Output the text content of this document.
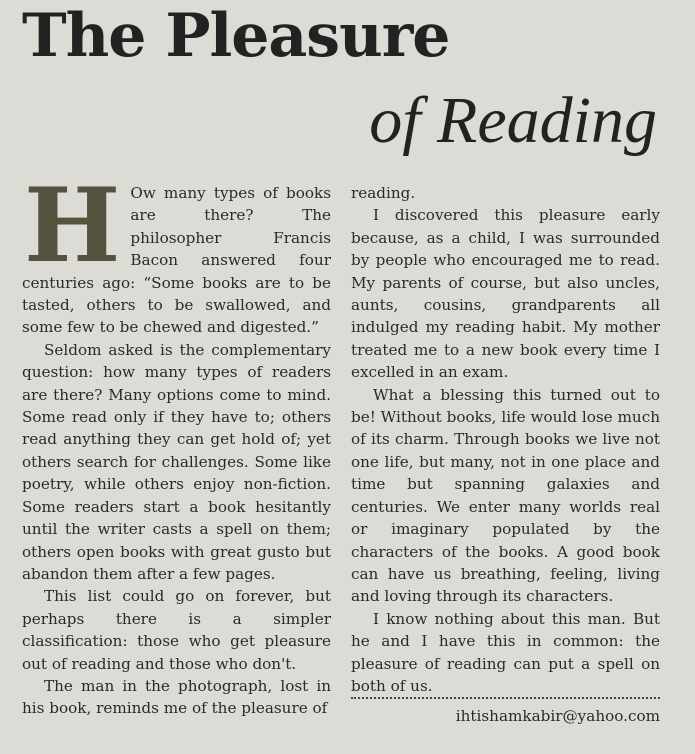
The Pleasure
of Reading

H Ow many types of books are there? The philosopher Francis Bacon answered four centuries ago: “Some books are to be tasted, others to be swallowed, and some few to be chewed and digested.”

Seldom asked is the complementary question: how many types of readers are there? Many options come to mind. Some read only if they have to; others read anything they can get hold of; yet others search for challenges. Some like poetry, while others enjoy non-fiction. Some readers start a book hesitantly until the writer casts a spell on them; others open books with great gusto but abandon them after a few pages.

This list could go on forever, but perhaps there is a simpler classification: those who get pleasure out of reading and those who don't.

The man in the photograph, lost in his book, reminds me of the pleasure of

reading.

I discovered this pleasure early because, as a child, I was surrounded by people who encouraged me to read. My parents of course, but also uncles, aunts, cousins, grandparents all indulged my reading habit. My mother treated me to a new book every time I excelled in an exam.

What a blessing this turned out to be! Without books, life would lose much of its charm. Through books we live not one life, but many, not in one place and time but spanning galaxies and centuries. We enter many worlds real or imaginary populated by the characters of the books. A good book can have us breathing, feeling, living and loving through its characters.

I know nothing about this man. But he and I have this in common: the pleasure of reading can put a spell on both of us.

ihtishamkabir@yahoo.com
